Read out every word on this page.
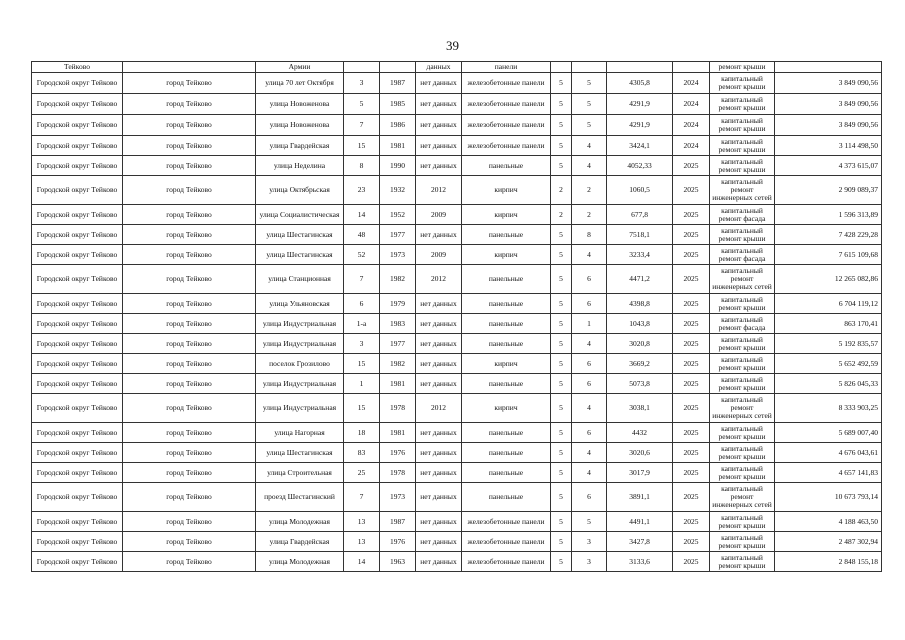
39
Тейково		Армии			данных	панели					ремонт крыши	
Городской округ Тейково	город Тейково	улица 70 лет Октября	3	1987	нет данных	железобетонные панели	5	5	4305,8	2024	капитальный ремонт крыши	3 849 090,56
Городской округ Тейково	город Тейково	улица Новоженова	5	1985	нет данных	железобетонные панели	5	5	4291,9	2024	капитальный ремонт крыши	3 849 090,56
Городской округ Тейково	город Тейково	улица Новоженова	7	1986	нет данных	железобетонные панели	5	5	4291,9	2024	капитальный ремонт крыши	3 849 090,56
Городской округ Тейково	город Тейково	улица Гвардейская	15	1981	нет данных	железобетонные панели	5	4	3424,1	2024	капитальный ремонт крыши	3 114 498,50
Городской округ Тейково	город Тейково	улица Неделина	8	1990	нет данных	панельные	5	4	4052,33	2025	капитальный ремонт крыши	4 373 615,07
Городской округ Тейково	город Тейково	улица Октябрьская	23	1932	2012	кирпич	2	2	1060,5	2025	капитальный ремонт инженерных сетей	2 909 089,37
Городской округ Тейково	город Тейково	улица Социалистическая	14	1952	2009	кирпич	2	2	677,8	2025	капитальный ремонт фасада	1 596 313,89
Городской округ Тейково	город Тейково	улица Шестагинская	48	1977	нет данных	панельные	5	8	7518,1	2025	капитальный ремонт крыши	7 428 229,28
Городской округ Тейково	город Тейково	улица Шестагинская	52	1973	2009	кирпич	5	4	3233,4	2025	капитальный ремонт фасада	7 615 109,68
Городской округ Тейково	город Тейково	улица Станционная	7	1982	2012	панельные	5	6	4471,2	2025	капитальный ремонт инженерных сетей	12 265 082,86
Городской округ Тейково	город Тейково	улица Ульяновская	6	1979	нет данных	панельные	5	6	4398,8	2025	капитальный ремонт крыши	6 704 119,12
Городской округ Тейково	город Тейково	улица Индустриальная	1-а	1983	нет данных	панельные	5	1	1043,8	2025	капитальный ремонт фасада	863 170,41
Городской округ Тейково	город Тейково	улица Индустриальная	3	1977	нет данных	панельные	5	4	3020,8	2025	капитальный ремонт крыши	5 192 835,57
Городской округ Тейково	город Тейково	поселок Грозилово	15	1982	нет данных	кирпич	5	6	3669,2	2025	капитальный ремонт крыши	5 652 492,59
Городской округ Тейково	город Тейково	улица Индустриальная	1	1981	нет данных	панельные	5	6	5073,8	2025	капитальный ремонт крыши	5 826 045,33
Городской округ Тейково	город Тейково	улица Индустриальная	15	1978	2012	кирпич	5	4	3038,1	2025	капитальный ремонт инженерных сетей	8 333 903,25
Городской округ Тейково	город Тейково	улица Нагорная	18	1981	нет данных	панельные	5	6	4432	2025	капитальный ремонт крыши	5 689 007,40
Городской округ Тейково	город Тейково	улица Шестагинская	83	1976	нет данных	панельные	5	4	3020,6	2025	капитальный ремонт крыши	4 676 043,61
Городской округ Тейково	город Тейково	улица Строительная	25	1978	нет данных	панельные	5	4	3017,9	2025	капитальный ремонт крыши	4 657 141,83
Городской округ Тейково	город Тейково	проезд Шестагинский	7	1973	нет данных	панельные	5	6	3891,1	2025	капитальный ремонт инженерных сетей	10 673 793,14
Городской округ Тейково	город Тейково	улица Молодежная	13	1987	нет данных	железобетонные панели	5	5	4491,1	2025	капитальный ремонт крыши	4 188 463,50
Городской округ Тейково	город Тейково	улица Гвардейская	13	1976	нет данных	железобетонные панели	5	3	3427,8	2025	капитальный ремонт крыши	2 487 302,94
Городской округ Тейково	город Тейково	улица Молодежная	14	1963	нет данных	железобетонные панели	5	3	3133,6	2025	капитальный ремонт крыши	2 848 155,18
